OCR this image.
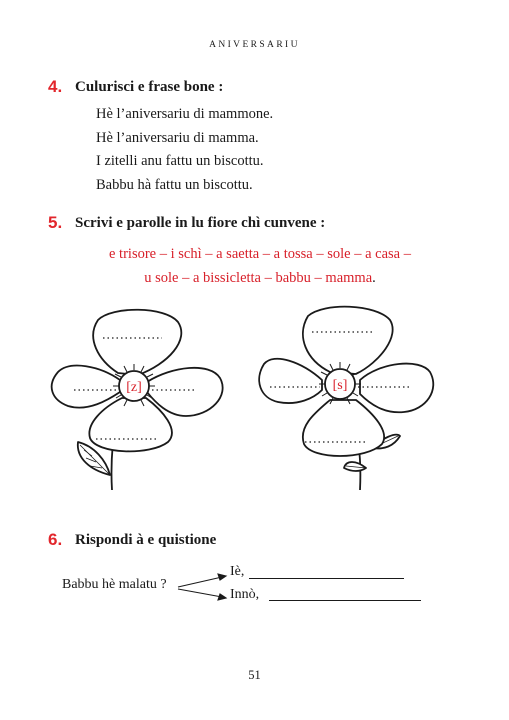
ANIVERSARIU
4. Culurisci e frase bone :
Hè l’aniversariu di mammone.
Hè l’aniversariu di mamma.
I zitelli anu fattu un biscottu.
Babbu hà fattu un biscottu.
5. Scrivi e parolle in lu fiore chì cunvene :
e trisore – i schì – a saetta – a tossa – sole – a casa –
u sole – a bissicletta – babbu – mamma.
[z]	[s]
6. Rispondi à e quistione
Babbu hè malatu ?
Iè,
Innò,
51
